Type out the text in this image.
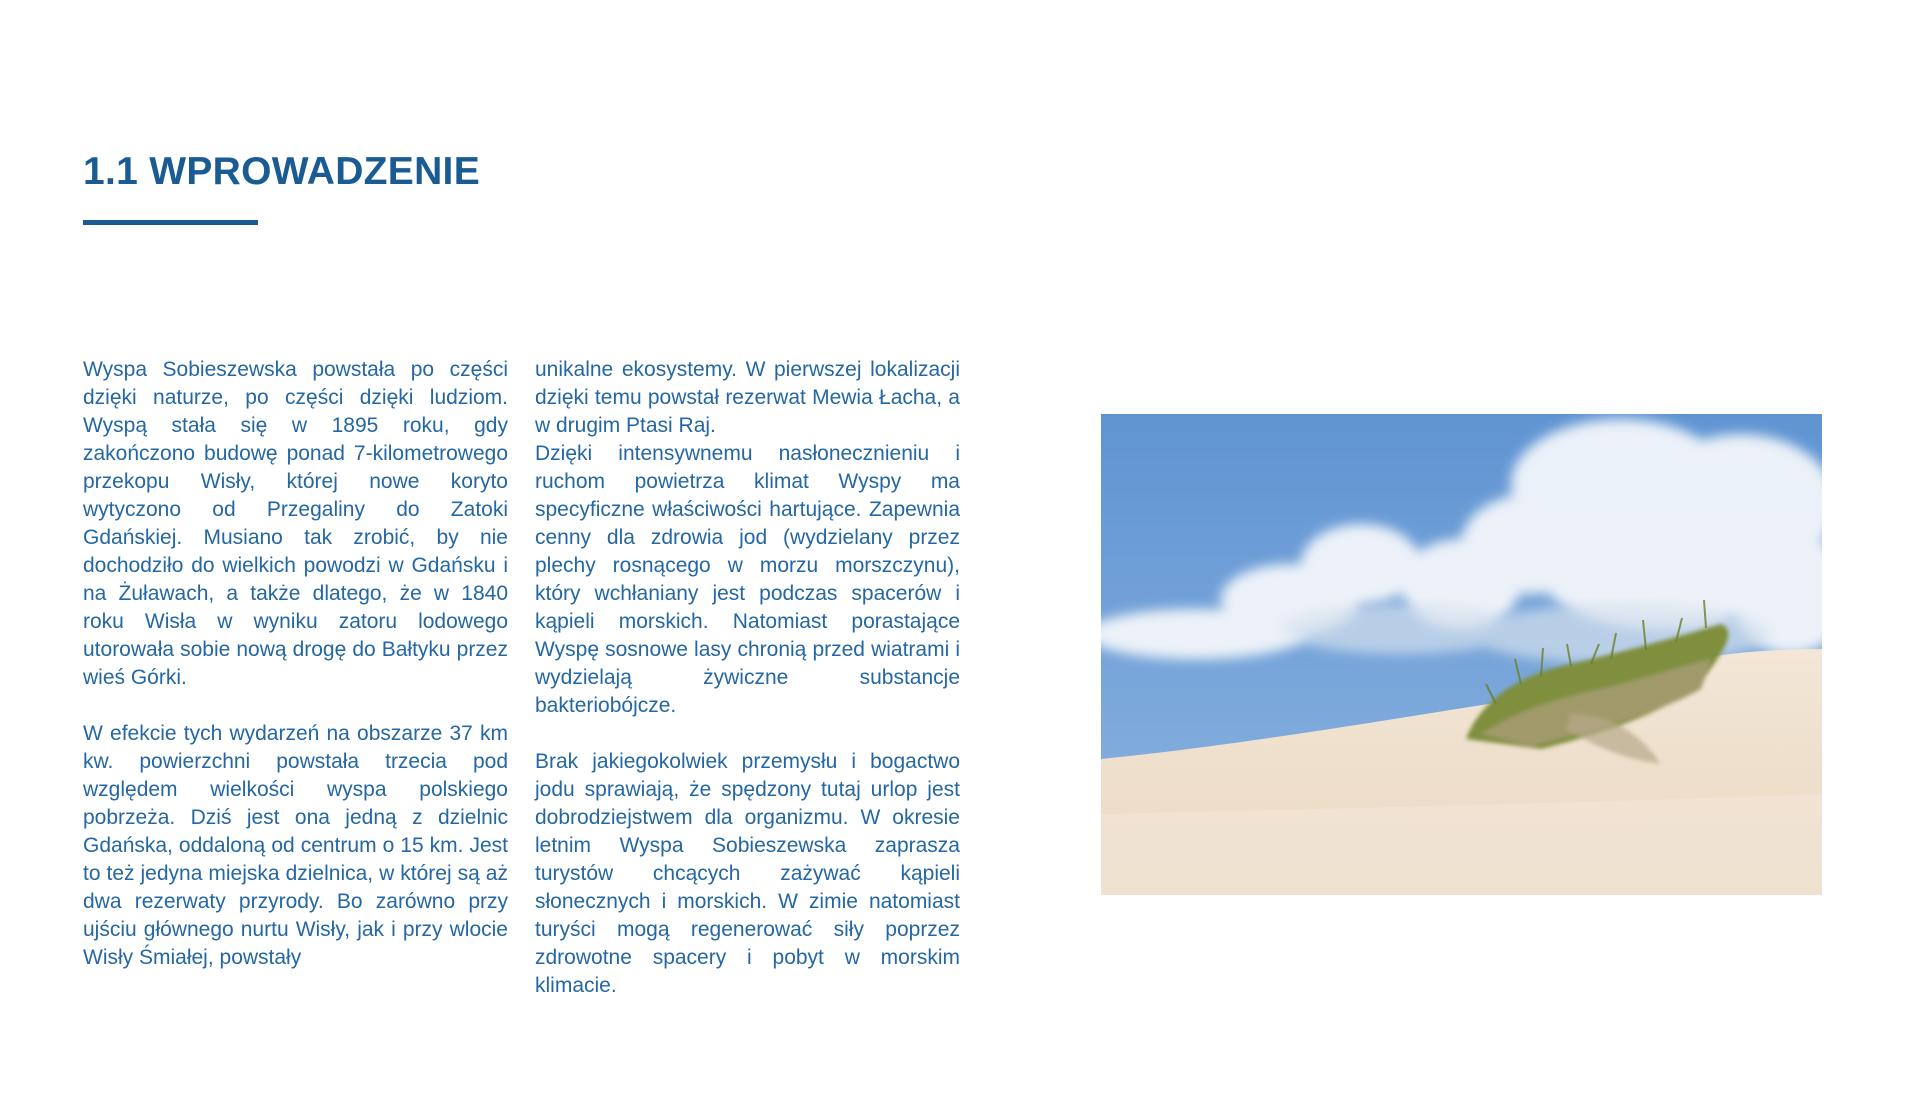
1.1 WPROWADZENIE

Wyspa Sobieszewska powstała po części dzięki naturze, po części dzięki ludziom. Wyspą stała się w 1895 roku, gdy zakończono budowę ponad 7-kilometrowego przekopu Wisły, której nowe koryto wytyczono od Przegaliny do Zatoki Gdańskiej. Musiano tak zrobić, by nie dochodziło do wielkich powodzi w Gdańsku i na Żuławach, a także dlatego, że w 1840 roku Wisła w wyniku zatoru lodowego utorowała sobie nową drogę do Bałtyku przez wieś Górki.

W efekcie tych wydarzeń na obszarze 37 km kw. powierzchni powstała trzecia pod względem wielkości wyspa polskiego pobrzeża. Dziś jest ona jedną z dzielnic Gdańska, oddaloną od centrum o 15 km. Jest to też jedyna miejska dzielnica, w której są aż dwa rezerwaty przyrody. Bo zarówno przy ujściu głównego nurtu Wisły, jak i przy wlocie Wisły Śmiałej, powstały

unikalne ekosystemy. W pierwszej lokalizacji dzięki temu powstał rezerwat Mewia Łacha, a w drugim Ptasi Raj.

Dzięki intensywnemu nasłonecznieniu i ruchom powietrza klimat Wyspy ma specyficzne właściwości hartujące. Zapewnia cenny dla zdrowia jod (wydzielany przez plechy rosnącego w morzu morszczynu), który wchłaniany jest podczas spacerów i kąpieli morskich. Natomiast porastające Wyspę sosnowe lasy chronią przed wiatrami i wydzielają żywiczne substancje bakteriobójcze.

Brak jakiegokolwiek przemysłu i bogactwo jodu sprawiają, że spędzony tutaj urlop jest dobrodziejstwem dla organizmu. W okresie letnim Wyspa Sobieszewska zaprasza turystów chcących zażywać kąpieli słonecznych i morskich. W zimie natomiast turyści mogą regenerować siły poprzez zdrowotne spacery i pobyt w morskim klimacie.
